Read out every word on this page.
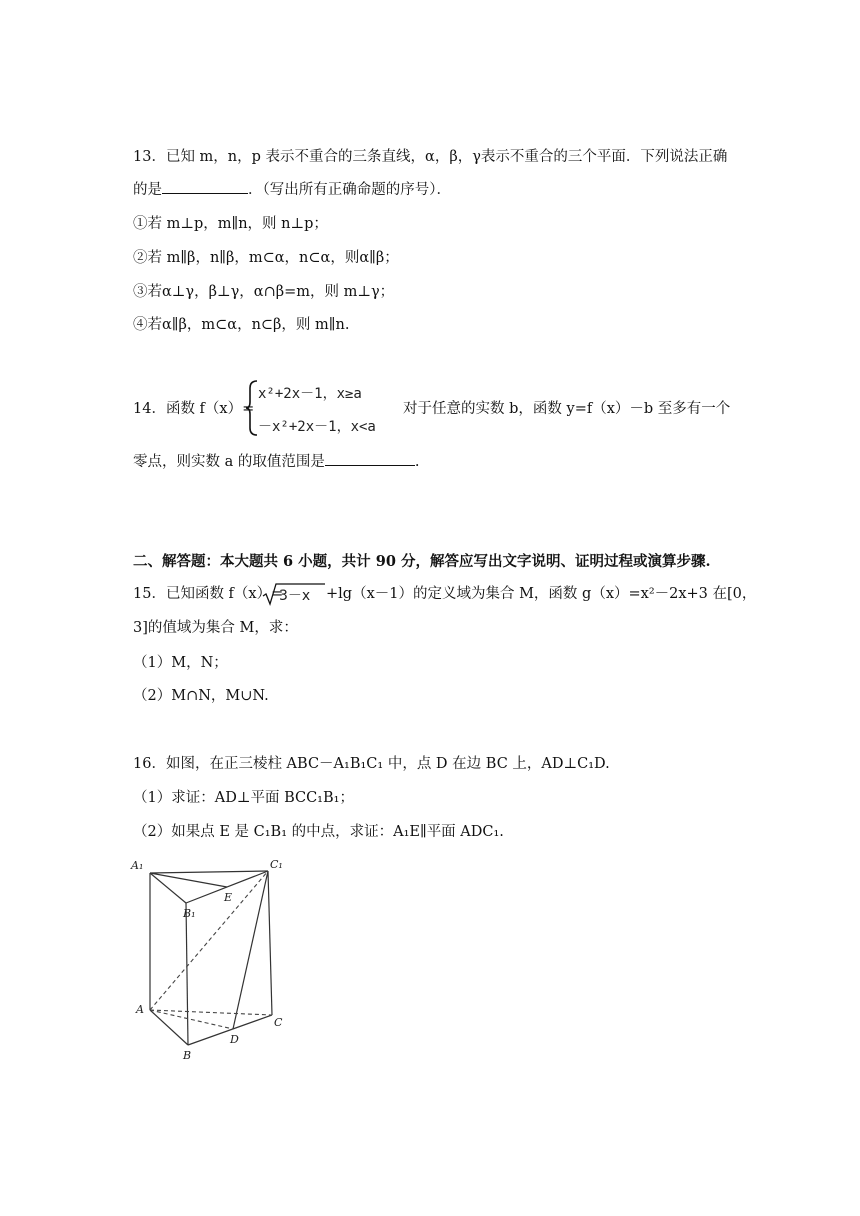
13．已知 m，n，p 表示不重合的三条直线，α，β，γ表示不重合的三个平面．下列说法正确
的是	．（写出所有正确命题的序号）．
①若 m⊥p，m∥n，则 n⊥p；
②若 m∥β，n∥β，m⊂α，n⊂α，则α∥β；
③若α⊥γ，β⊥γ，α∩β=m，则 m⊥γ；
④若α∥β，m⊂α，n⊂β，则 m∥n.
14．函数 f（x）=
x²+2x－1，x≥a
－x²+2x－1，x<a
对于任意的实数 b，函数 y=f（x）－b 至多有一个
零点，则实数 a 的取值范围是	.
二、解答题：本大题共 6 小题，共计 90 分，解答应写出文字说明、证明过程或演算步骤.
15．已知函数 f（x）=
3－x +lg（x－1）的定义域为集合 M，函数 g（x）=x²－2x+3 在[0，
3]的值域为集合 M，求：
（1）M，N；
（2）M∩N，M∪N.
16．如图，在正三棱柱 ABC－A₁B₁C₁ 中，点 D 在边 BC 上，AD⊥C₁D.
（1）求证：AD⊥平面 BCC₁B₁；
（2）如果点 E 是 C₁B₁ 的中点，求证：A₁E∥平面 ADC₁.
A₁	C₁
E
B₁
A
C
D
B
